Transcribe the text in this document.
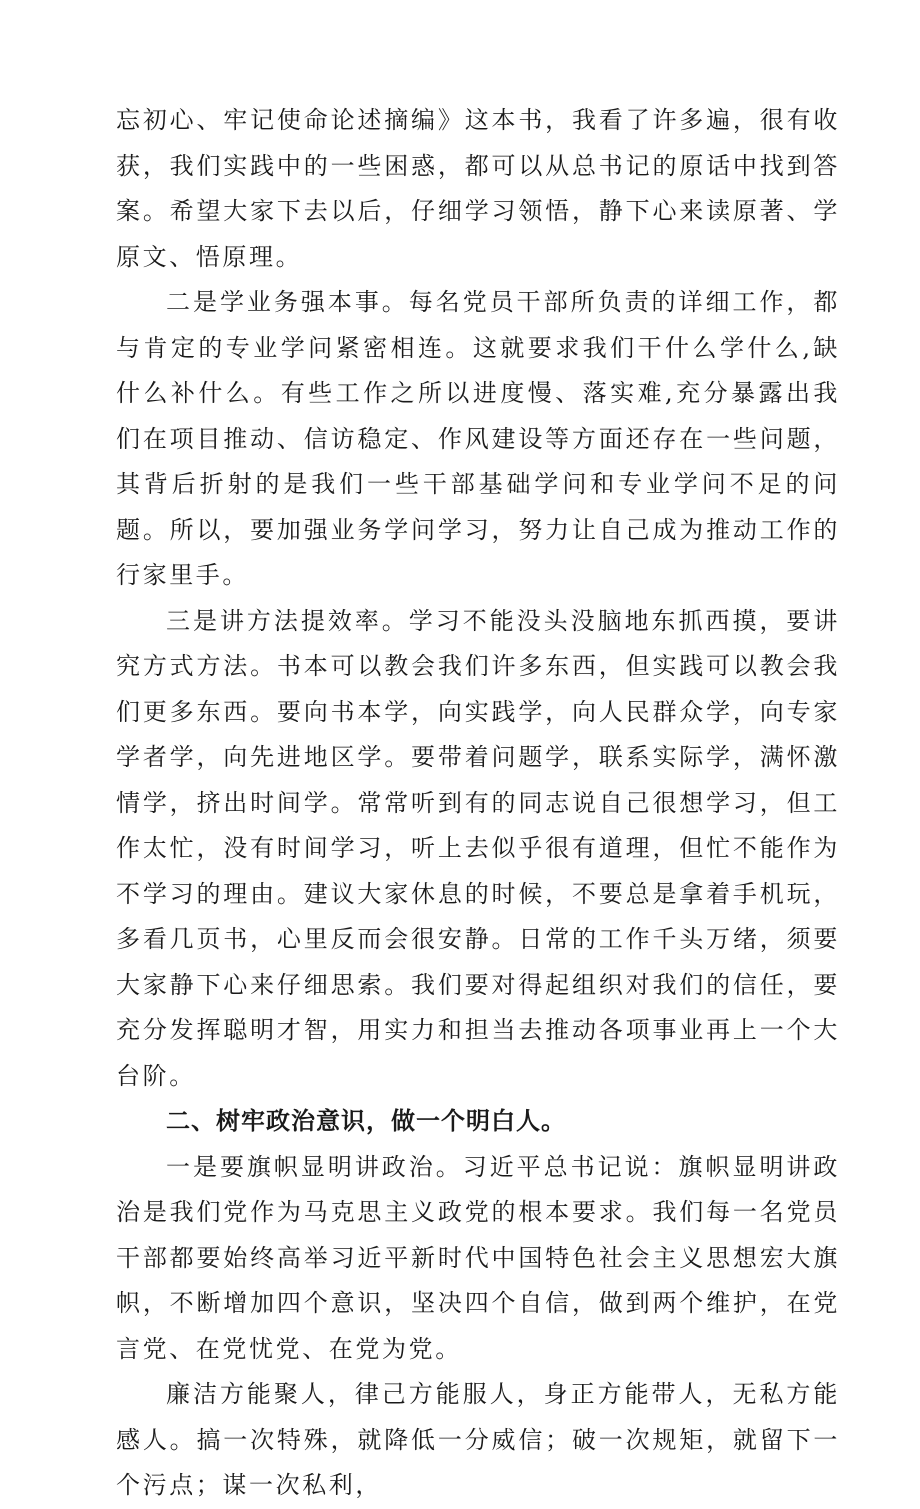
忘初心、牢记使命论述摘编》这本书，我看了许多遍，很有收获，我们实践中的一些困惑，都可以从总书记的原话中找到答案。希望大家下去以后，仔细学习领悟，静下心来读原著、学原文、悟原理。

二是学业务强本事。每名党员干部所负责的详细工作，都与肯定的专业学问紧密相连。这就要求我们干什么学什么,缺什么补什么。有些工作之所以进度慢、落实难,充分暴露出我们在项目推动、信访稳定、作风建设等方面还存在一些问题，其背后折射的是我们一些干部基础学问和专业学问不足的问题。所以，要加强业务学问学习，努力让自己成为推动工作的行家里手。

三是讲方法提效率。学习不能没头没脑地东抓西摸，要讲究方式方法。书本可以教会我们许多东西，但实践可以教会我们更多东西。要向书本学，向实践学，向人民群众学，向专家学者学，向先进地区学。要带着问题学，联系实际学，满怀激情学，挤出时间学。常常听到有的同志说自己很想学习，但工作太忙，没有时间学习，听上去似乎很有道理，但忙不能作为不学习的理由。建议大家休息的时候，不要总是拿着手机玩，多看几页书，心里反而会很安静。日常的工作千头万绪，须要大家静下心来仔细思索。我们要对得起组织对我们的信任，要充分发挥聪明才智，用实力和担当去推动各项事业再上一个大台阶。

二、树牢政治意识，做一个明白人。

一是要旗帜显明讲政治。习近平总书记说：旗帜显明讲政治是我们党作为马克思主义政党的根本要求。我们每一名党员干部都要始终高举习近平新时代中国特色社会主义思想宏大旗帜，不断增加四个意识，坚决四个自信，做到两个维护，在党言党、在党忧党、在党为党。

廉洁方能聚人，律己方能服人，身正方能带人，无私方能感人。搞一次特殊，就降低一分威信；破一次规矩，就留下一个污点；谋一次私利，
